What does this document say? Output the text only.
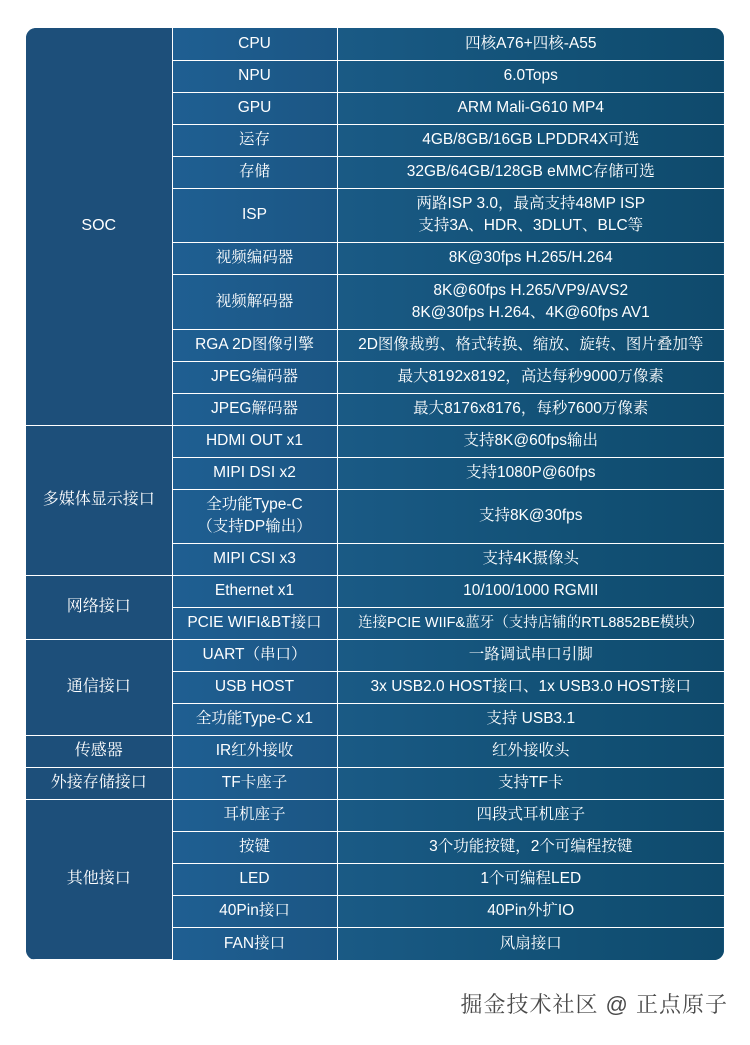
SOC	CPU	四核A76+四核-A55
	NPU	6.0Tops
	GPU	ARM Mali-G610 MP4
	运存	4GB/8GB/16GB LPDDR4X可选
	存储	32GB/64GB/128GB eMMC存储可选
	ISP	两路ISP 3.0，最高支持48MP ISP
支持3A、HDR、3DLUT、BLC等

	视频编码器	8K@30fps H.265/H.264
	视频解码器	8K@60fps H.265/VP9/AVS2
8K@30fps H.264、4K@60fps AV1

	RGA 2D图像引擎	2D图像裁剪、格式转换、缩放、旋转、图片叠加等
	JPEG编码器	最大8192x8192，高达每秒9000万像素
	JPEG解码器	最大8176x8176，每秒7600万像素
多媒体显示接口	HDMI OUT x1	支持8K@60fps输出
	MIPI DSI x2	支持1080P@60fps

	全功能Type-C
（支持DP输出）	支持8K@30fps
	MIPI CSI x3	支持4K摄像头
网络接口	Ethernet x1	10/100/1000 RGMII
	PCIE WIFI&BT接口	连接PCIE WIIF&蓝牙（支持店铺的RTL8852BE模块）
通信接口	UART（串口）	一路调试串口引脚
	USB HOST	3x USB2.0 HOST接口、1x USB3.0 HOST接口
	全功能Type-C x1	支持 USB3.1
传感器	IR红外接收	红外接收头
外接存储接口	TF卡座子	支持TF卡
其他接口	耳机座子	四段式耳机座子
	按键	3个功能按键，2个可编程按键
	LED	1个可编程LED
	40Pin接口	40Pin外扩IO
	FAN接口	风扇接口
掘金技术社区 @ 正点原子
